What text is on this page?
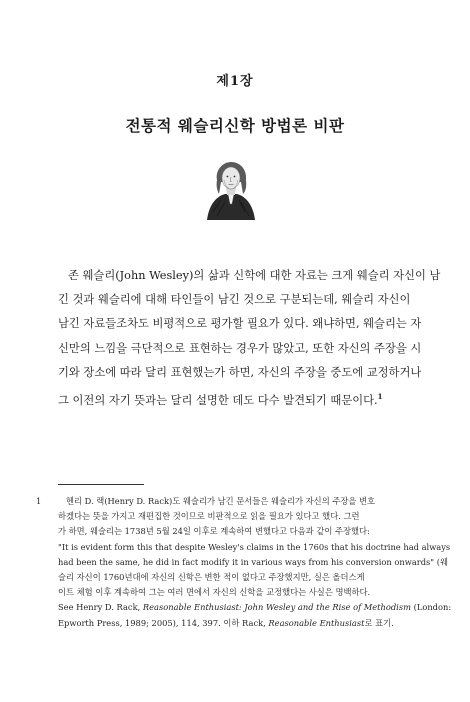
제1장
전통적 웨슬리신학 방법론 비판
존 웨슬리(John Wesley)의 삶과 신학에 대한 자료는 크게 웨슬리 자신이 남
긴 것과 웨슬리에 대해 타인들이 남긴 것으로 구분되는데, 웨슬리 자신이
남긴 자료들조차도 비평적으로 평가할 필요가 있다. 왜냐하면, 웨슬리는 자
신만의 느낌을 극단적으로 표현하는 경우가 많았고, 또한 자신의 주장을 시
기와 장소에 따라 달리 표현했는가 하면, 자신의 주장을 중도에 교정하거나
그 이전의 자기 뜻과는 달리 설명한 데도 다수 발견되기 때문이다.$^1$
1	헨리 D. 랙(Henry D. Rack)도 웨슬리가 남긴 문서들은 웨슬리가 자신의 주장을 변호
하겠다는 뜻을 가지고 재편집한 것이므로 비판적으로 읽을 필요가 있다고 했다. 그런
가 하면, 웨슬리는 1738년 5월 24일 이후로 계속하여 변했다고 다음과 같이 주장했다:
"It is evident form this that despite Wesley's claims in the 1760s that his doctrine had always
had been the same, he did in fact modify it in various ways from his conversion onwards" (웨
슬리 자신이 1760년대에 자신의 신학은 변한 적이 없다고 주장했지만, 실은 올더스게
이트 체험 이후 계속하여 그는 여러 면에서 자신의 신학을 교정했다는 사실은 명백하다.
See Henry D. Rack, Reasonable Enthusiast: John Wesley and the Rise of Methodism (London:
Epworth Press, 1989; 2005), 114, 397. 이하 Rack, Reasonable Enthusiast로 표기.
